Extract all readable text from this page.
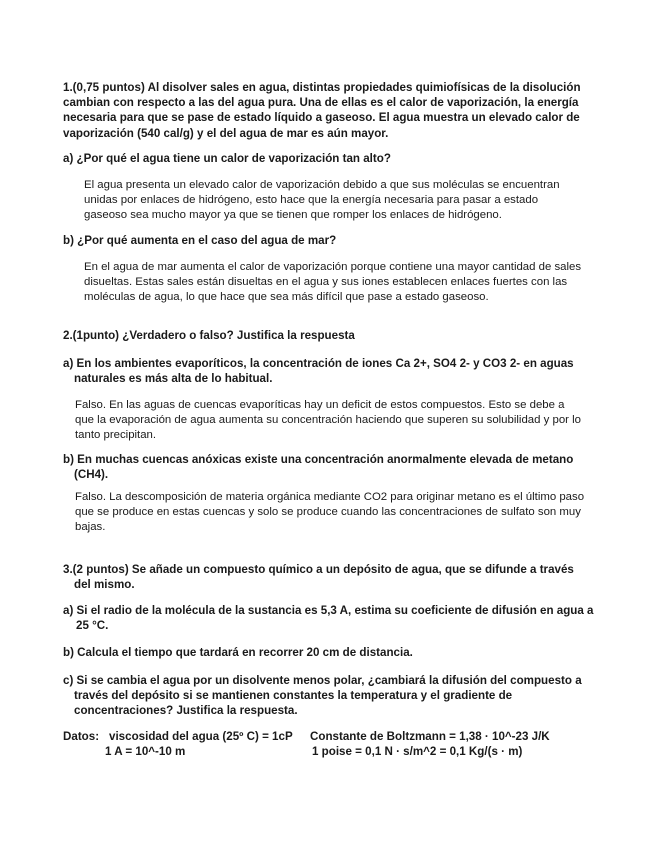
1.(0,75 puntos) Al disolver sales en agua, distintas propiedades quimiofísicas de la disolución cambian con respecto a las del agua pura. Una de ellas es el calor de vaporización, la energía necesaria para que se pase de estado líquido a gaseoso. El agua muestra un elevado calor de vaporización (540 cal/g) y el del agua de mar es aún mayor.

a) ¿Por qué el agua tiene un calor de vaporización tan alto?

El agua presenta un elevado calor de vaporización debido a que sus moléculas se encuentran unidas por enlaces de hidrógeno, esto hace que la energía necesaria para pasar a estado gaseoso sea mucho mayor ya que se tienen que romper los enlaces de hidrógeno.

b) ¿Por qué aumenta en el caso del agua de mar?

En el agua de mar aumenta el calor de vaporización porque contiene una mayor cantidad de sales disueltas. Estas sales están disueltas en el agua y sus iones establecen enlaces fuertes con las moléculas de agua, lo que hace que sea más difícil que pase a estado gaseoso.

2.(1punto) ¿Verdadero o falso? Justifica la respuesta

a) En los ambientes evaporíticos, la concentración de iones Ca 2+, SO4 2- y CO3 2- en aguas naturales es más alta de lo habitual.

Falso. En las aguas de cuencas evaporíticas hay un deficit de estos compuestos. Esto se debe a que la evaporación de agua aumenta su concentración haciendo que superen su solubilidad y por lo tanto precipitan.

b) En muchas cuencas anóxicas existe una concentración anormalmente elevada de metano (CH4).

Falso. La descomposición de materia orgánica mediante CO2 para originar metano es el último paso que se produce en estas cuencas y solo se produce cuando las concentraciones de sulfato son muy bajas.

3.(2 puntos) Se añade un compuesto químico a un depósito de agua, que se difunde a través del mismo.

a) Si el radio de la molécula de la sustancia es 5,3 A, estima su coeficiente de difusión en agua a 25 °C.

b) Calcula el tiempo que tardará en recorrer 20 cm de distancia.

c) Si se cambia el agua por un disolvente menos polar, ¿cambiará la difusión del compuesto a través del depósito si se mantienen constantes la temperatura y el gradiente de concentraciones? Justifica la respuesta.

Datos: viscosidad del agua (25º C) = 1cP
1 A = 10^-10 m
Constante de Boltzmann = 1,38 · 10^-23 J/K
1 poise = 0,1 N · s/m^2 = 0,1 Kg/(s · m)
